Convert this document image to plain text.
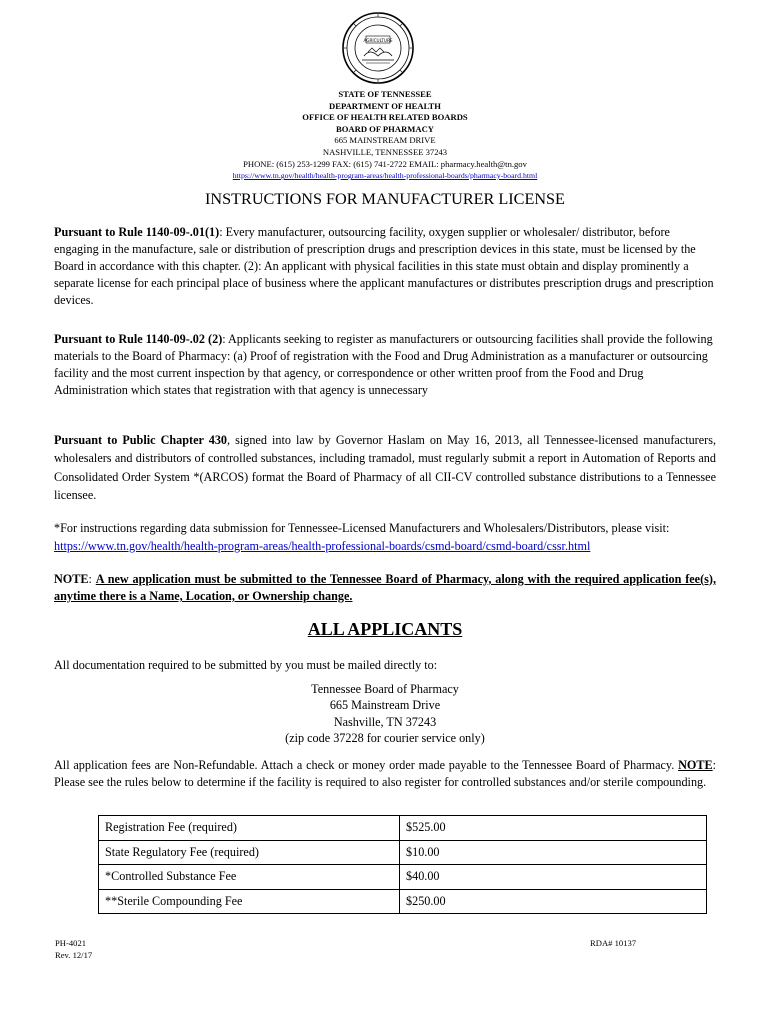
AGRICULTURE
STATE OF TENNESSEE
DEPARTMENT OF HEALTH
OFFICE OF HEALTH RELATED BOARDS
BOARD OF PHARMACY
665 MAINSTREAM DRIVE
NASHVILLE, TENNESSEE 37243
PHONE: (615) 253-1299 FAX: (615) 741-2722 EMAIL: pharmacy.health@tn.gov
https://www.tn.gov/health/health-program-areas/health-professional-boards/pharmacy-board.html
INSTRUCTIONS FOR MANUFACTURER LICENSE
Pursuant to Rule 1140-09-.01(1): Every manufacturer, outsourcing facility, oxygen supplier or wholesaler/ distributor, before engaging in the manufacture, sale or distribution of prescription drugs and prescription devices in this state, must be licensed by the Board in accordance with this chapter. (2): An applicant with physical facilities in this state must obtain and display prominently a separate license for each principal place of business where the applicant manufactures or distributes prescription drugs and prescription devices.
Pursuant to Rule 1140-09-.02 (2): Applicants seeking to register as manufacturers or outsourcing facilities shall provide the following materials to the Board of Pharmacy: (a) Proof of registration with the Food and Drug Administration as a manufacturer or outsourcing facility and the most current inspection by that agency, or correspondence or other written proof from the Food and Drug Administration which states that registration with that agency is unnecessary
Pursuant to Public Chapter 430, signed into law by Governor Haslam on May 16, 2013, all Tennessee-licensed manufacturers, wholesalers and distributors of controlled substances, including tramadol, must regularly submit a report in Automation of Reports and Consolidated Order System *(ARCOS) format the Board of Pharmacy of all CII-CV controlled substance distributions to a Tennessee licensee.
*For instructions regarding data submission for Tennessee-Licensed Manufacturers and Wholesalers/Distributors, please visit: https://www.tn.gov/health/health-program-areas/health-professional-boards/csmd-board/csmd-board/cssr.html
NOTE: A new application must be submitted to the Tennessee Board of Pharmacy, along with the required application fee(s), anytime there is a Name, Location, or Ownership change.
ALL APPLICANTS
All documentation required to be submitted by you must be mailed directly to:
Tennessee Board of Pharmacy
665 Mainstream Drive
Nashville, TN 37243
(zip code 37228 for courier service only)
All application fees are Non-Refundable. Attach a check or money order made payable to the Tennessee Board of Pharmacy. NOTE: Please see the rules below to determine if the facility is required to also register for controlled substances and/or sterile compounding.
Registration Fee (required)	$525.00
State Regulatory Fee (required)	$10.00
*Controlled Substance Fee	$40.00
**Sterile Compounding Fee	$250.00
PH-4021
Rev. 12/17
RDA# 10137
